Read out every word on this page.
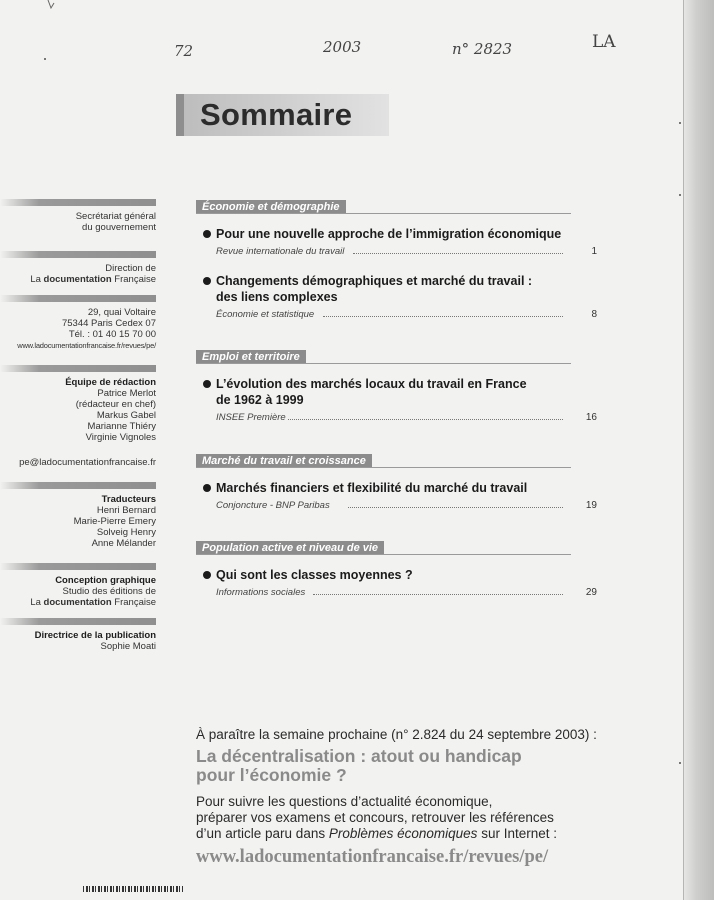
72	2003	n° 2823	LA
Sommaire
Secrétariat général
du gouvernement
Direction de
La documentation Française
29, quai Voltaire
75344 Paris Cedex 07
Tél. : 01 40 15 70 00
www.ladocumentationfrancaise.fr/revues/pe/
Équipe de rédaction
Patrice Merlot
(rédacteur en chef)
Markus Gabel
Marianne Thiéry
Virginie Vignoles
pe@ladocumentationfrancaise.fr
Traducteurs
Henri Bernard
Marie-Pierre Emery
Solveig Henry
Anne Mélander
Conception graphique
Studio des éditions de
La documentation Française
Directrice de la publication
Sophie Moati
Économie et démographie
Pour une nouvelle approche de l’immigration économique
Revue internationale du travail	1
Changements démographiques et marché du travail :
des liens complexes
Économie et statistique	8
Emploi et territoire
L’évolution des marchés locaux du travail en France
de 1962 à 1999
INSEE Première	16
Marché du travail et croissance
Marchés financiers et flexibilité du marché du travail
Conjoncture - BNP Paribas	19
Population active et niveau de vie
Qui sont les classes moyennes ?
Informations sociales	29
À paraître la semaine prochaine (n° 2.824 du 24 septembre 2003) :
La décentralisation : atout ou handicap
pour l’économie ?
Pour suivre les questions d’actualité économique,
préparer vos examens et concours, retrouver les références
d’un article paru dans Problèmes économiques sur Internet :
www.ladocumentationfrancaise.fr/revues/pe/
